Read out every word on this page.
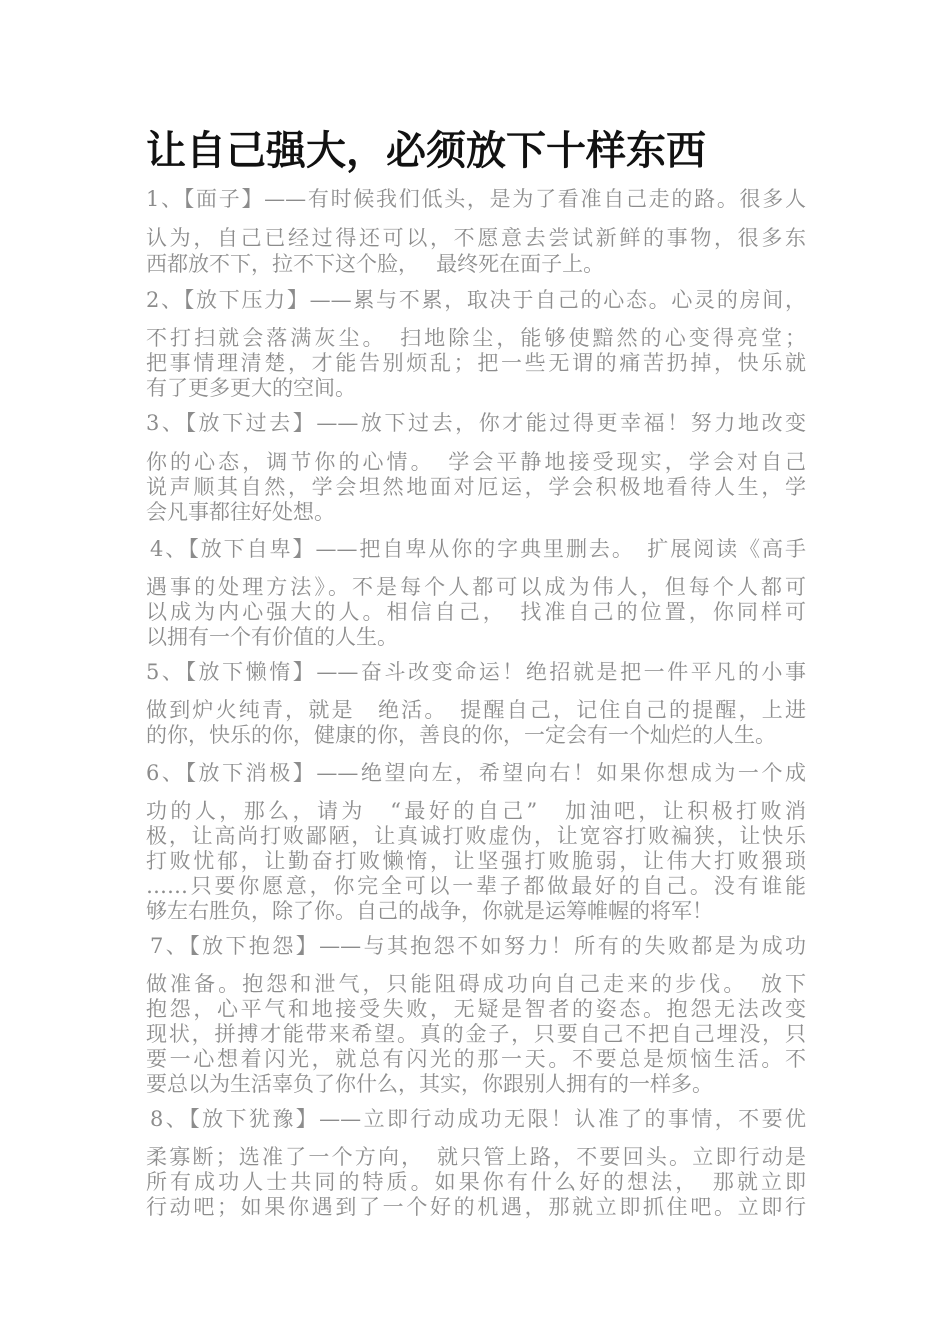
让自己强大，必须放下十样东西
1、【面子】——有时候我们低头，是为了看准自己走的路。很多人
认为，自己已经过得还可以，不愿意去尝试新鲜的事物，很多东
西都放不下，拉不下这个脸，　 最终死在面子上。
2、【放下压力】——累与不累，取决于自己的心态。心灵的房间，
不打扫就会落满灰尘。　扫地除尘，能够使黯然的心变得亮堂；
把事情理清楚，才能告别烦乱；把一些无谓的痛苦扔掉，快乐就
有了更多更大的空间。
3、【放下过去】——放下过去，你才能过得更幸福！努力地改变
你的心态，调节你的心情。　学会平静地接受现实，学会对自己
说声顺其自然，学会坦然地面对厄运，学会积极地看待人生，学
会凡事都往好处想。
4、【放下自卑】——把自卑从你的字典里删去。　扩展阅读《高手
遇事的处理方法》。不是每个人都可以成为伟人，但每个人都可
以成为内心强大的人。相信自己，　找准自己的位置，你同样可
以拥有一个有价值的人生。
5、【放下懒惰】——奋斗改变命运！绝招就是把一件平凡的小事
做到炉火纯青，就是　绝活。　提醒自己，记住自己的提醒，上进
的你，快乐的你，健康的你，善良的你，一定会有一个灿烂的人生。
6、【放下消极】——绝望向左，希望向右！如果你想成为一个成
功的人，那么，请为　“最好的自己”　加油吧，让积极打败消
极，让高尚打败鄙陋，让真诚打败虚伪，让宽容打败褊狭，让快乐
打败忧郁，让勤奋打败懒惰，让坚强打败脆弱，让伟大打败猥琐
……只要你愿意，你完全可以一辈子都做最好的自己。没有谁能
够左右胜负，除了你。自己的战争，你就是运筹帷幄的将军！
7、【放下抱怨】——与其抱怨不如努力！所有的失败都是为成功
做准备。抱怨和泄气，只能阻碍成功向自己走来的步伐。　放下
抱怨，心平气和地接受失败，无疑是智者的姿态。抱怨无法改变
现状，拼搏才能带来希望。真的金子，只要自己不把自己埋没，只
要一心想着闪光，就总有闪光的那一天。不要总是烦恼生活。不
要总以为生活辜负了你什么，其实，你跟别人拥有的一样多。
8、【放下犹豫】——立即行动成功无限！认准了的事情，不要优
柔寡断；选准了一个方向，　就只管上路，不要回头。立即行动是
所有成功人士共同的特质。如果你有什么好的想法，　那就立即
行动吧；如果你遇到了一个好的机遇，那就立即抓住吧。立即行
